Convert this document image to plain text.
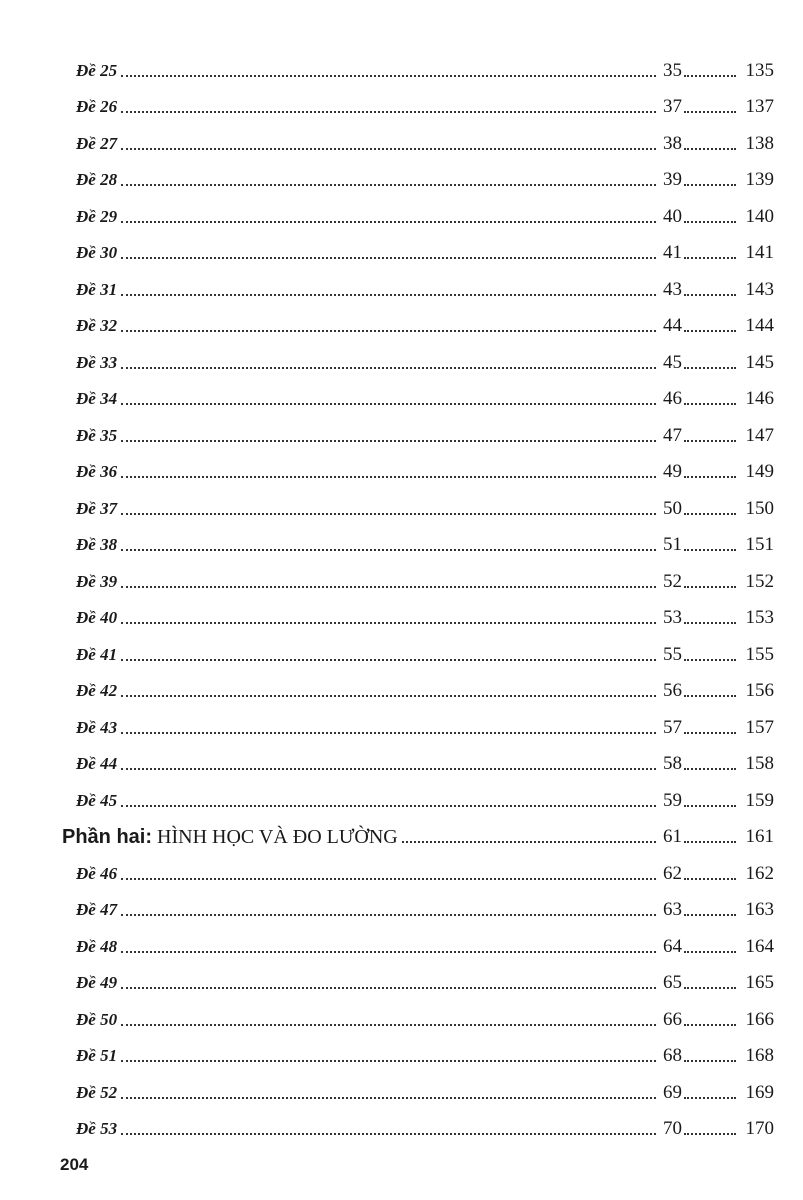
Đề 25	35	135
Đề 26	37	137
Đề 27	38	138
Đề 28	39	139
Đề 29	40	140
Đề 30	41	141
Đề 31	43	143
Đề 32	44	144
Đề 33	45	145
Đề 34	46	146
Đề 35	47	147
Đề 36	49	149
Đề 37	50	150
Đề 38	51	151
Đề 39	52	152
Đề 40	53	153
Đề 41	55	155
Đề 42	56	156
Đề 43	57	157
Đề 44	58	158
Đề 45	59	159
Phần hai: HÌNH HỌC VÀ ĐO LƯỜNG	61	161
Đề 46	62	162
Đề 47	63	163
Đề 48	64	164
Đề 49	65	165
Đề 50	66	166
Đề 51	68	168
Đề 52	69	169
Đề 53	70	170
204
